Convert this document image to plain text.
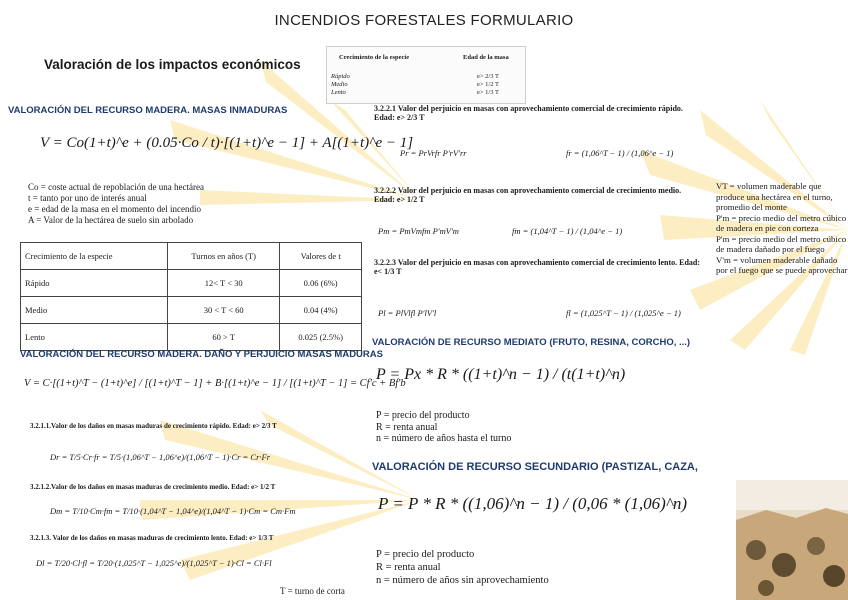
INCENDIOS FORESTALES FORMULARIO
Valoración de los impactos económicos	Crecimiento de la especie	Edad de la masa
Rápido	e> 2/3 T
Medio	e> 1/2 T
Lento	e> 1/3 T
VALORACIÓN DEL RECURSO MADERA. MASAS INMADURAS
V = Co(1+t)^e + (0.05·Co / t)·[(1+t)^e − 1] + A[(1+t)^e − 1]
Co = coste actual de repoblación de una hectárea
t = tanto por uno de interés anual
e = edad de la masa en el momento del incendio
A = Valor de la hectárea de suelo sin arbolado
Crecimiento de la especie	Turnos en años (T)	Valores de t
Rápido	12< T < 30	0.06 (6%)
Medio	30 < T < 60	0.04 (4%)
Lento	60 > T	0.025 (2.5%)
VALORACIÓN DEL RECURSO MADERA. DAÑO Y PERJUICIO MASAS MADURAS
V = C·[(1+t)^T − (1+t)^e] / [(1+t)^T − 1] + B·[(1+t)^e − 1] / [(1+t)^T − 1] = Cf'c + Bf'b
3.2.1.1.Valor de los daños en masas maduras de crecimiento rápido. Edad: e> 2/3 T
Dr = T/5·Cr·fr = T/5·(1,06^T − 1,06^e)/(1,06^T − 1)·Cr = Cr·Fr
3.2.1.2.Valor de los daños en masas maduras de crecimiento medio. Edad: e> 1/2 T
Dm = T/10·Cm·fm = T/10·(1,04^T − 1,04^e)/(1,04^T − 1)·Cm = Cm·Fm
3.2.1.3. Valor de los daños en masas maduras de crecimiento lento. Edad: e> 1/3 T
Dl = T/20·Cl·fl = T/20·(1,025^T − 1,025^e)/(1,025^T − 1)·Cl = Cl·Fl
T = turno de corta
3.2.2.1 Valor del perjuicio en masas con aprovechamiento comercial de crecimiento rápido. Edad: e> 2/3 T
Pr = PrVrfr P'rV'rr	fr = (1,06^T − 1) / (1,06^e − 1)
3.2.2.2 Valor del perjuicio en masas con aprovechamiento comercial de crecimiento medio. Edad: e> 1/2 T
Pm = PmVmfm P'mV'm	fm = (1,04^T − 1) / (1,04^e − 1)
3.2.2.3 Valor del perjuicio en masas con aprovechamiento comercial de crecimiento lento. Edad: e< 1/3 T
Pl = PlVlfl P'lV'l	fl = (1,025^T − 1) / (1,025^e − 1)
VT = volumen maderable que produce una hectárea en el turno, promedio del monte
P'm = precio medio del metro cúbico de madera en pie con corteza
P'm = precio medio del metro cúbico de madera dañado por el fuego
V'm = volumen maderable dañado por el fuego que se puede aprovechar
VALORACIÓN DE RECURSO MEDIATO (FRUTO, RESINA, CORCHO, ...)
P = Px * R * ((1+t)^n − 1) / (t(1+t)^n)
P = precio del producto
R = renta anual
n = número de años hasta el turno
VALORACIÓN DE RECURSO SECUNDARIO (PASTIZAL, CAZA,
P = P * R * ((1,06)^n − 1) / (0,06 * (1,06)^n)
P = precio del producto
R = renta anual
n = número de años sin aprovechamiento
